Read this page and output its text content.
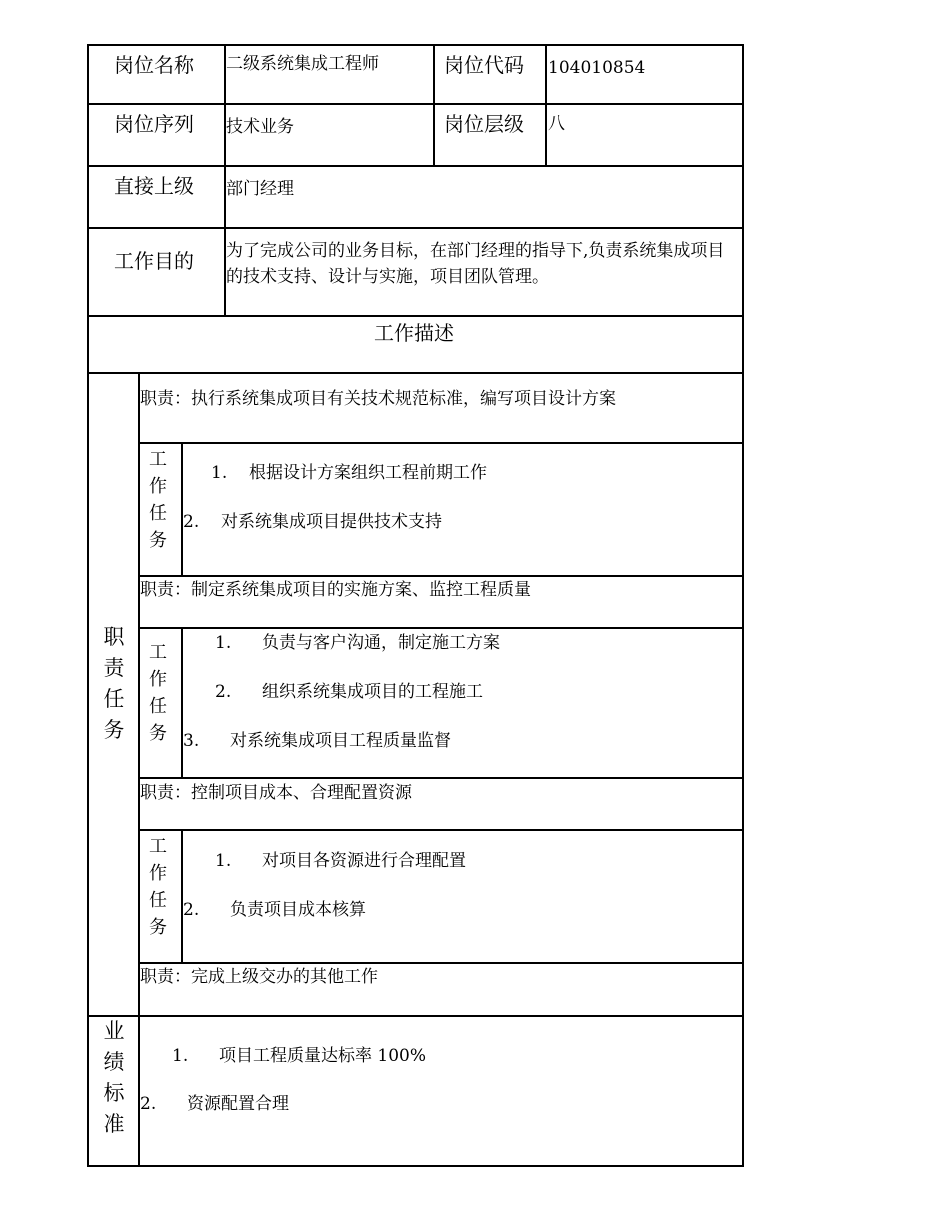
岗位名称 二级系统集成工程师	岗位代码 104010854
岗位序列 技术业务	岗位层级 八
直接上级 部门经理
工作目的 为了完成公司的业务目标，在部门经理的指导下,负责系统集成项目的技术支持、设计与实施，项目团队管理。
工作描述
职责任务
职责：执行系统集成项目有关技术规范标准，编写项目设计方案
工作任务
1. 根据设计方案组织工程前期工作
2. 对系统集成项目提供技术支持
职责：制定系统集成项目的实施方案、监控工程质量
工作任务
1. 负责与客户沟通，制定施工方案
2. 组织系统集成项目的工程施工
3. 对系统集成项目工程质量监督
职责：控制项目成本、合理配置资源
工作任务
1. 对项目各资源进行合理配置
2. 负责项目成本核算
职责：完成上级交办的其他工作
业绩标准
1. 项目工程质量达标率 100%
2. 资源配置合理
